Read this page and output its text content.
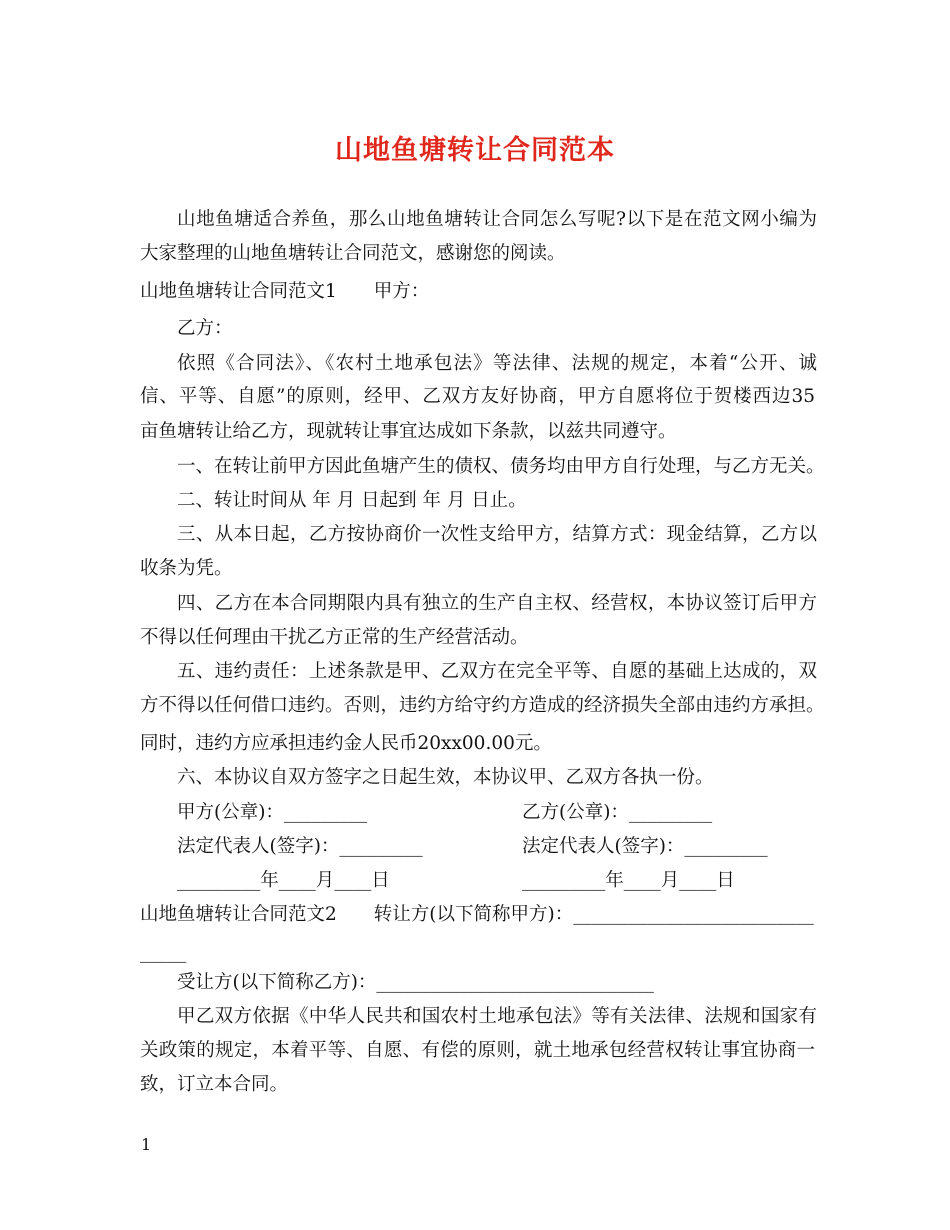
山地鱼塘转让合同范本
山地鱼塘适合养鱼，那么山地鱼塘转让合同怎么写呢?以下是在范文网小编为
大家整理的山地鱼塘转让合同范文，感谢您的阅读。
山地鱼塘转让合同范文1　　甲方：
乙方：
依照《合同法》、《农村土地承包法》等法律、法规的规定，本着“公开、诚
信、平等、自愿”的原则，经甲、乙双方友好协商，甲方自愿将位于贺楼西边35
亩鱼塘转让给乙方，现就转让事宜达成如下条款，以兹共同遵守。
一、在转让前甲方因此鱼塘产生的债权、债务均由甲方自行处理，与乙方无关。
二、转让时间从 年 月 日起到 年 月 日止。
三、从本日起，乙方按协商价一次性支给甲方，结算方式：现金结算，乙方以
收条为凭。
四、乙方在本合同期限内具有独立的生产自主权、经营权，本协议签订后甲方
不得以任何理由干扰乙方正常的生产经营活动。
五、违约责任：上述条款是甲、乙双方在完全平等、自愿的基础上达成的，双
方不得以任何借口违约。否则，违约方给守约方造成的经济损失全部由违约方承担。
同时，违约方应承担违约金人民币20xx00.00元。
六、本协议自双方签字之日起生效，本协议甲、乙双方各执一份。
甲方(公章)：_________	乙方(公章)：_________
法定代表人(签字)：_________	法定代表人(签字)：_________
_________年____月____日	_________年____月____日
山地鱼塘转让合同范文2　　转让方(以下简称甲方)：__________________________
_____
受让方(以下简称乙方)：______________________________
甲乙双方依据《中华人民共和国农村土地承包法》等有关法律、法规和国家有
关政策的规定，本着平等、自愿、有偿的原则，就土地承包经营权转让事宜协商一
致，订立本合同。
1
